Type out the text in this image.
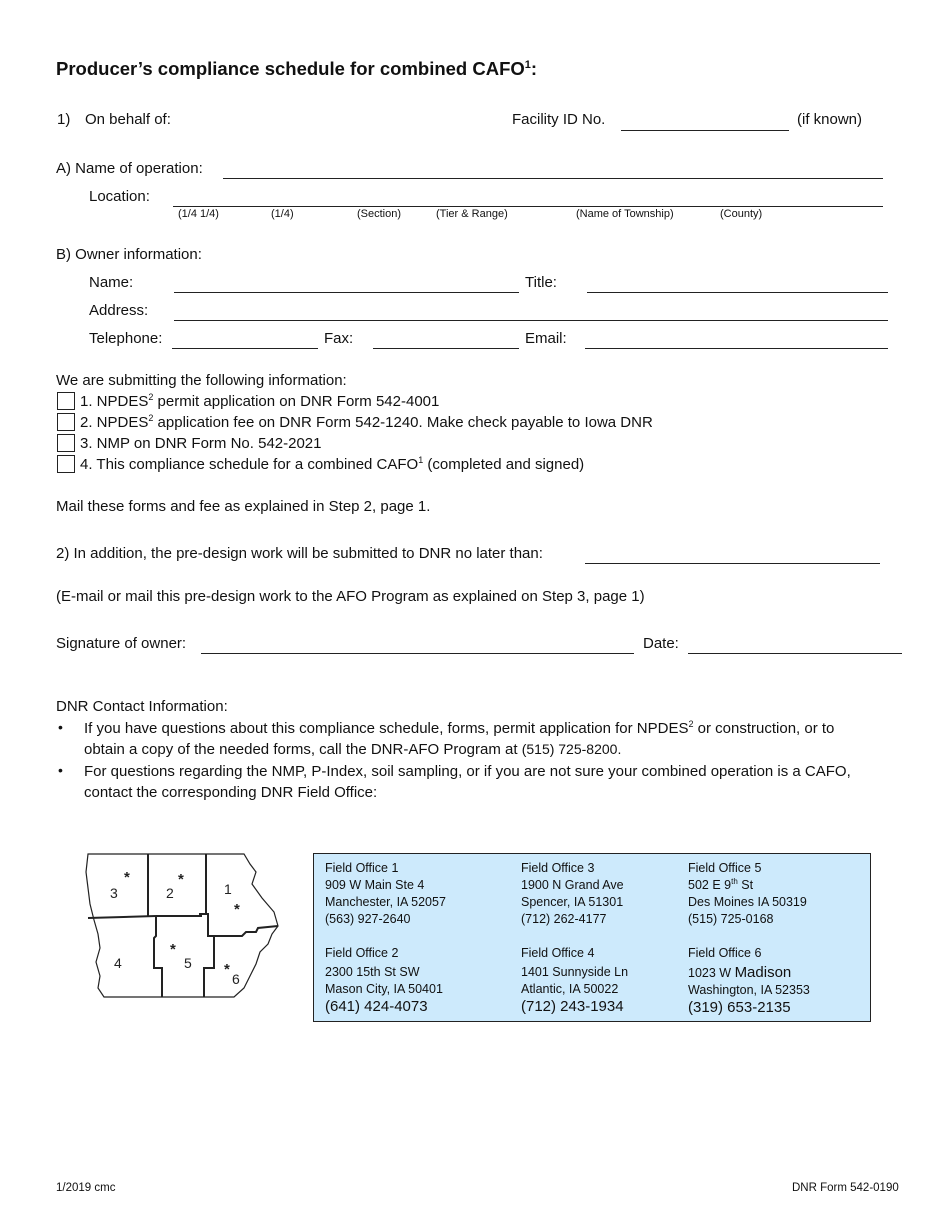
Producer’s compliance schedule for combined CAFO$^1$:
1) On behalf of:	Facility ID No.	(if known)
A) Name of operation:
Location:
(1/4 1/4)	(1/4)	(Section)	(Tier & Range)	(Name of Township)	(County)
B) Owner information:
Name:	Title:
Address:
Telephone:	Fax:	Email:
We are submitting the following information:
1. NPDES$^2$ permit application on DNR Form 542-4001
2. NPDES$^2$ application fee on DNR Form 542-1240. Make check payable to Iowa DNR
3. NMP on DNR Form No. 542-2021
4. This compliance schedule for a combined CAFO$^1$ (completed and signed)
Mail these forms and fee as explained in Step 2, page 1.
2) In addition, the pre-design work will be submitted to DNR no later than:
(E-mail or mail this pre-design work to the AFO Program as explained on Step 3, page 1)
Signature of owner:	Date:
DNR Contact Information:
• If you have questions about this compliance schedule, forms, permit application for NPDES$^2$ or construction, or to
obtain a copy of the needed forms, call the DNR-AFO Program at (515) 725-8200.
• For questions regarding the NMP, P-Index, soil sampling, or if you are not sure your combined operation is a CAFO,
contact the corresponding DNR Field Office:
3	2	1
4	5
6
*	*
*
*
*
Field Office 1
909 W Main Ste 4
Manchester, IA 52057
(563) 927-2640
Field Office 2
2300 15th St SW
Mason City, IA 50401
(641) 424-4073
Field Office 3
1900 N Grand Ave
Spencer, IA 51301
(712) 262-4177
Field Office 4
1401 Sunnyside Ln
Atlantic, IA 50022
(712) 243-1934
Field Office 5
502 E 9th St
Des Moines IA 50319
(515) 725-0168
Field Office 6
1023 W Madison
Washington, IA 52353
(319) 653-2135
1/2019 cmc	DNR Form 542-0190
